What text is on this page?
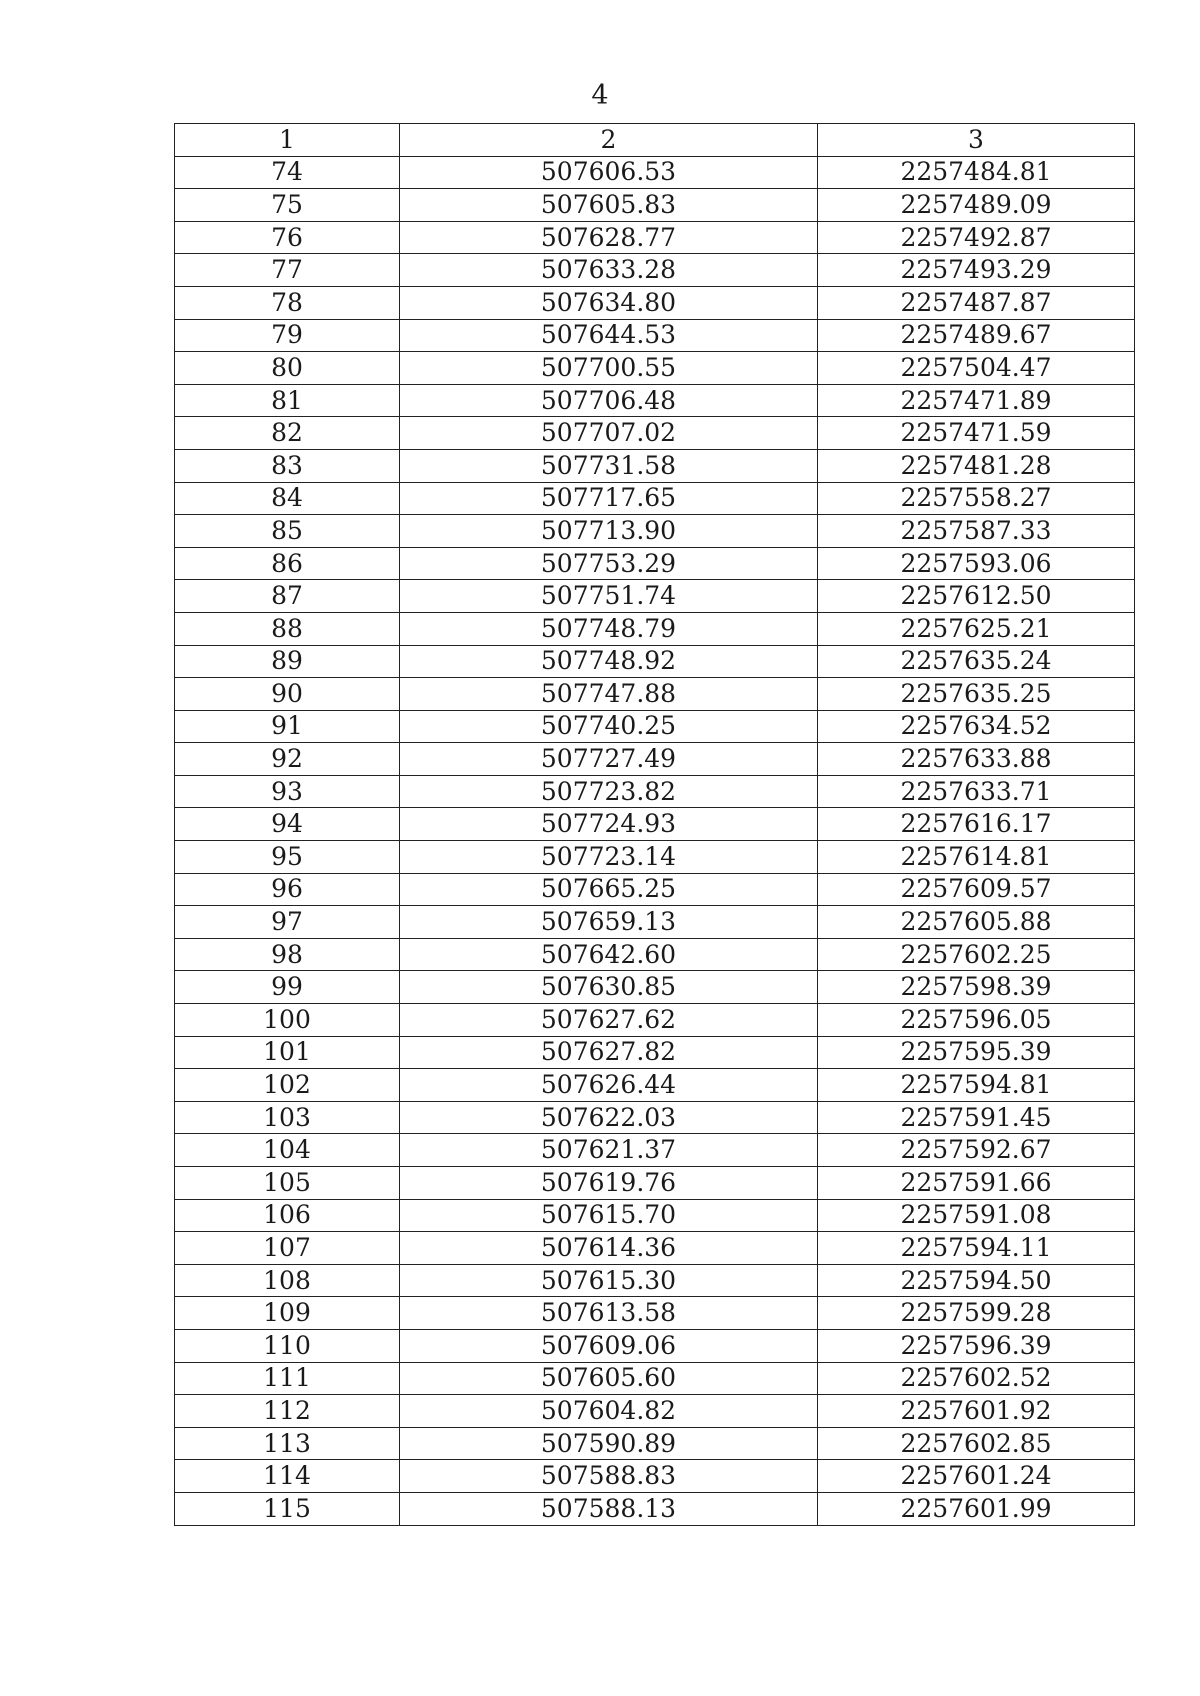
4
1	2	3
74	507606.53	2257484.81
75	507605.83	2257489.09
76	507628.77	2257492.87
77	507633.28	2257493.29
78	507634.80	2257487.87
79	507644.53	2257489.67
80	507700.55	2257504.47
81	507706.48	2257471.89
82	507707.02	2257471.59
83	507731.58	2257481.28
84	507717.65	2257558.27
85	507713.90	2257587.33
86	507753.29	2257593.06
87	507751.74	2257612.50
88	507748.79	2257625.21
89	507748.92	2257635.24
90	507747.88	2257635.25
91	507740.25	2257634.52
92	507727.49	2257633.88
93	507723.82	2257633.71
94	507724.93	2257616.17
95	507723.14	2257614.81
96	507665.25	2257609.57
97	507659.13	2257605.88
98	507642.60	2257602.25
99	507630.85	2257598.39
100	507627.62	2257596.05
101	507627.82	2257595.39
102	507626.44	2257594.81
103	507622.03	2257591.45
104	507621.37	2257592.67
105	507619.76	2257591.66
106	507615.70	2257591.08
107	507614.36	2257594.11
108	507615.30	2257594.50
109	507613.58	2257599.28
110	507609.06	2257596.39
111	507605.60	2257602.52
112	507604.82	2257601.92
113	507590.89	2257602.85
114	507588.83	2257601.24
115	507588.13	2257601.99
